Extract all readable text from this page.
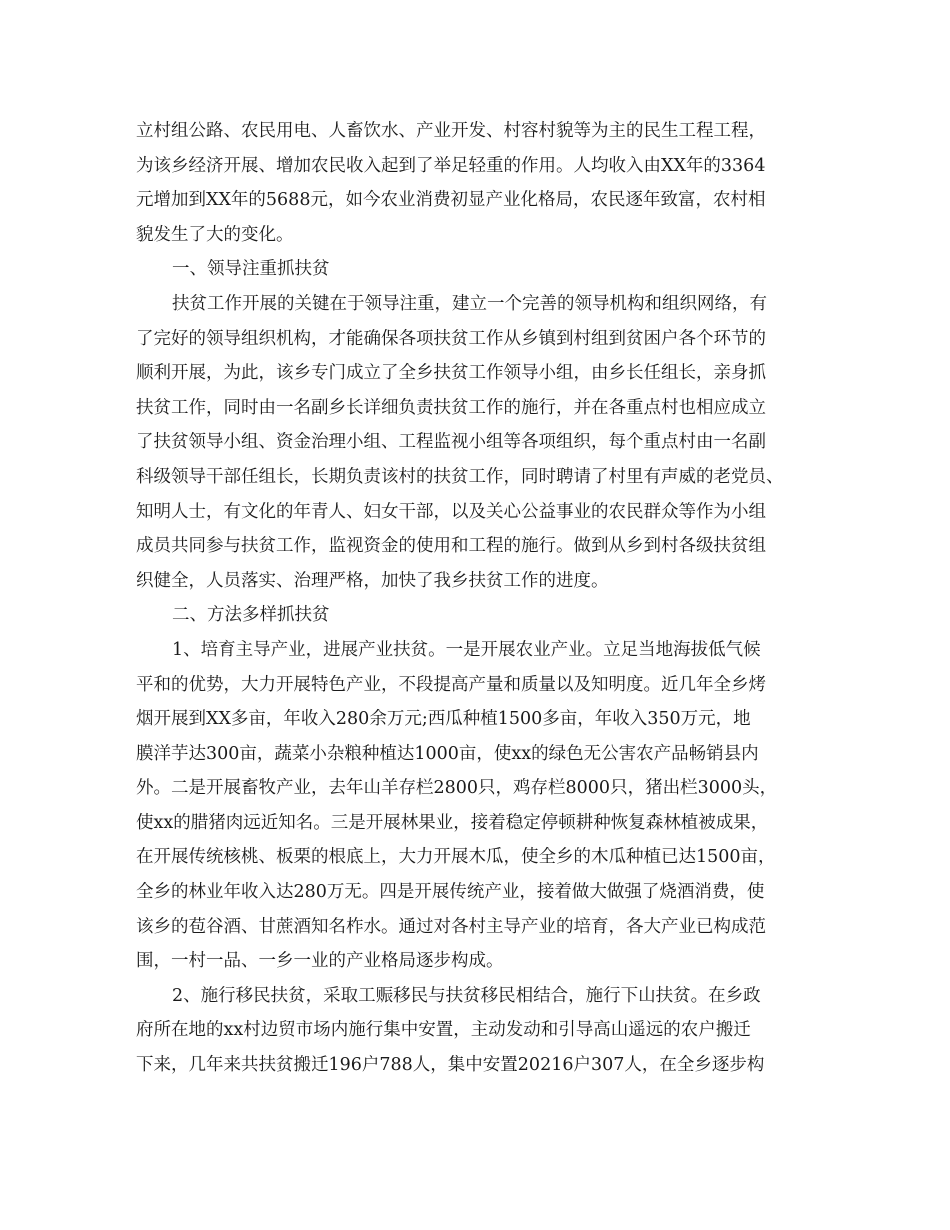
立村组公路、农民用电、人畜饮水、产业开发、村容村貌等为主的民生工程工程，
为该乡经济开展、增加农民收入起到了举足轻重的作用。人均收入由XX年的3364
元增加到XX年的5688元，如今农业消费初显产业化格局，农民逐年致富，农村相
貌发生了大的变化。
一、领导注重抓扶贫
扶贫工作开展的关键在于领导注重，建立一个完善的领导机构和组织网络，有
了完好的领导组织机构，才能确保各项扶贫工作从乡镇到村组到贫困户各个环节的
顺利开展，为此，该乡专门成立了全乡扶贫工作领导小组，由乡长任组长，亲身抓
扶贫工作，同时由一名副乡长详细负责扶贫工作的施行，并在各重点村也相应成立
了扶贫领导小组、资金治理小组、工程监视小组等各项组织，每个重点村由一名副
科级领导干部任组长，长期负责该村的扶贫工作，同时聘请了村里有声威的老党员、
知明人士，有文化的年青人、妇女干部，以及关心公益事业的农民群众等作为小组
成员共同参与扶贫工作，监视资金的使用和工程的施行。做到从乡到村各级扶贫组
织健全，人员落实、治理严格，加快了我乡扶贫工作的进度。
二、方法多样抓扶贫
1、培育主导产业，进展产业扶贫。一是开展农业产业。立足当地海拔低气候
平和的优势，大力开展特色产业，不段提高产量和质量以及知明度。近几年全乡烤
烟开展到XX多亩，年收入280余万元;西瓜种植1500多亩，年收入350万元，地
膜洋芋达300亩，蔬菜小杂粮种植达1000亩，使xx的绿色无公害农产品畅销县内
外。二是开展畜牧产业，去年山羊存栏2800只，鸡存栏8000只，猪出栏3000头，
使xx的腊猪肉远近知名。三是开展林果业，接着稳定停顿耕种恢复森林植被成果，
在开展传统核桃、板栗的根底上，大力开展木瓜，使全乡的木瓜种植已达1500亩，
全乡的林业年收入达280万无。四是开展传统产业，接着做大做强了烧酒消费，使
该乡的苞谷酒、甘蔗酒知名柞水。通过对各村主导产业的培育，各大产业已构成范
围，一村一品、一乡一业的产业格局逐步构成。
2、施行移民扶贫，采取工赈移民与扶贫移民相结合，施行下山扶贫。在乡政
府所在地的xx村边贸市场内施行集中安置，主动发动和引导高山遥远的农户搬迁
下来，几年来共扶贫搬迁196户788人，集中安置20216户307人，在全乡逐步构
